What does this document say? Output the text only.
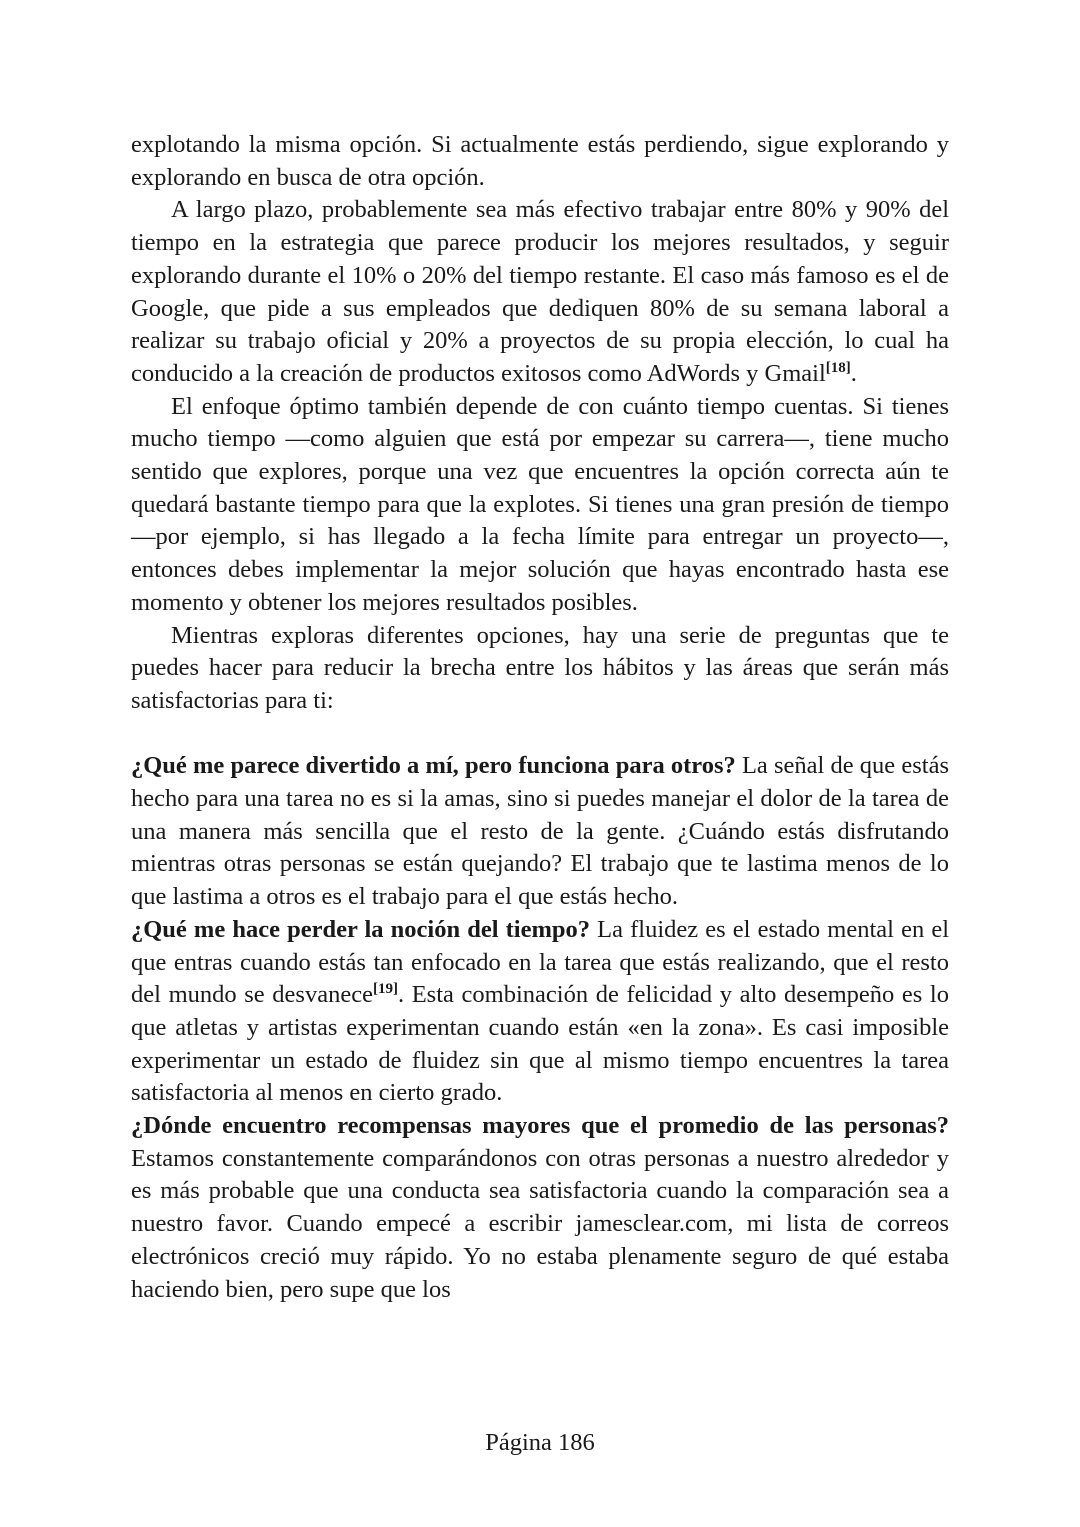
explotando la misma opción. Si actualmente estás perdiendo, sigue explorando y explorando en busca de otra opción.

A largo plazo, probablemente sea más efectivo trabajar entre 80% y 90% del tiempo en la estrategia que parece producir los mejores resultados, y seguir explorando durante el 10% o 20% del tiempo restante. El caso más famoso es el de Google, que pide a sus empleados que dediquen 80% de su semana laboral a realizar su trabajo oficial y 20% a proyectos de su propia elección, lo cual ha conducido a la creación de productos exitosos como AdWords y Gmail[18].

El enfoque óptimo también depende de con cuánto tiempo cuentas. Si tienes mucho tiempo —como alguien que está por empezar su carrera—, tiene mucho sentido que explores, porque una vez que encuentres la opción correcta aún te quedará bastante tiempo para que la explotes. Si tienes una gran presión de tiempo —por ejemplo, si has llegado a la fecha límite para entregar un proyecto—, entonces debes implementar la mejor solución que hayas encontrado hasta ese momento y obtener los mejores resultados posibles.

Mientras exploras diferentes opciones, hay una serie de preguntas que te puedes hacer para reducir la brecha entre los hábitos y las áreas que serán más satisfactorias para ti:

¿Qué me parece divertido a mí, pero funciona para otros? La señal de que estás hecho para una tarea no es si la amas, sino si puedes manejar el dolor de la tarea de una manera más sencilla que el resto de la gente. ¿Cuándo estás disfrutando mientras otras personas se están quejando? El trabajo que te lastima menos de lo que lastima a otros es el trabajo para el que estás hecho.

¿Qué me hace perder la noción del tiempo? La fluidez es el estado mental en el que entras cuando estás tan enfocado en la tarea que estás realizando, que el resto del mundo se desvanece[19]. Esta combinación de felicidad y alto desempeño es lo que atletas y artistas experimentan cuando están «en la zona». Es casi imposible experimentar un estado de fluidez sin que al mismo tiempo encuentres la tarea satisfactoria al menos en cierto grado.

¿Dónde encuentro recompensas mayores que el promedio de las personas? Estamos constantemente comparándonos con otras personas a nuestro alrededor y es más probable que una conducta sea satisfactoria cuando la comparación sea a nuestro favor. Cuando empecé a escribir jamesclear.com, mi lista de correos electrónicos creció muy rápido. Yo no estaba plenamente seguro de qué estaba haciendo bien, pero supe que los

Página 186
